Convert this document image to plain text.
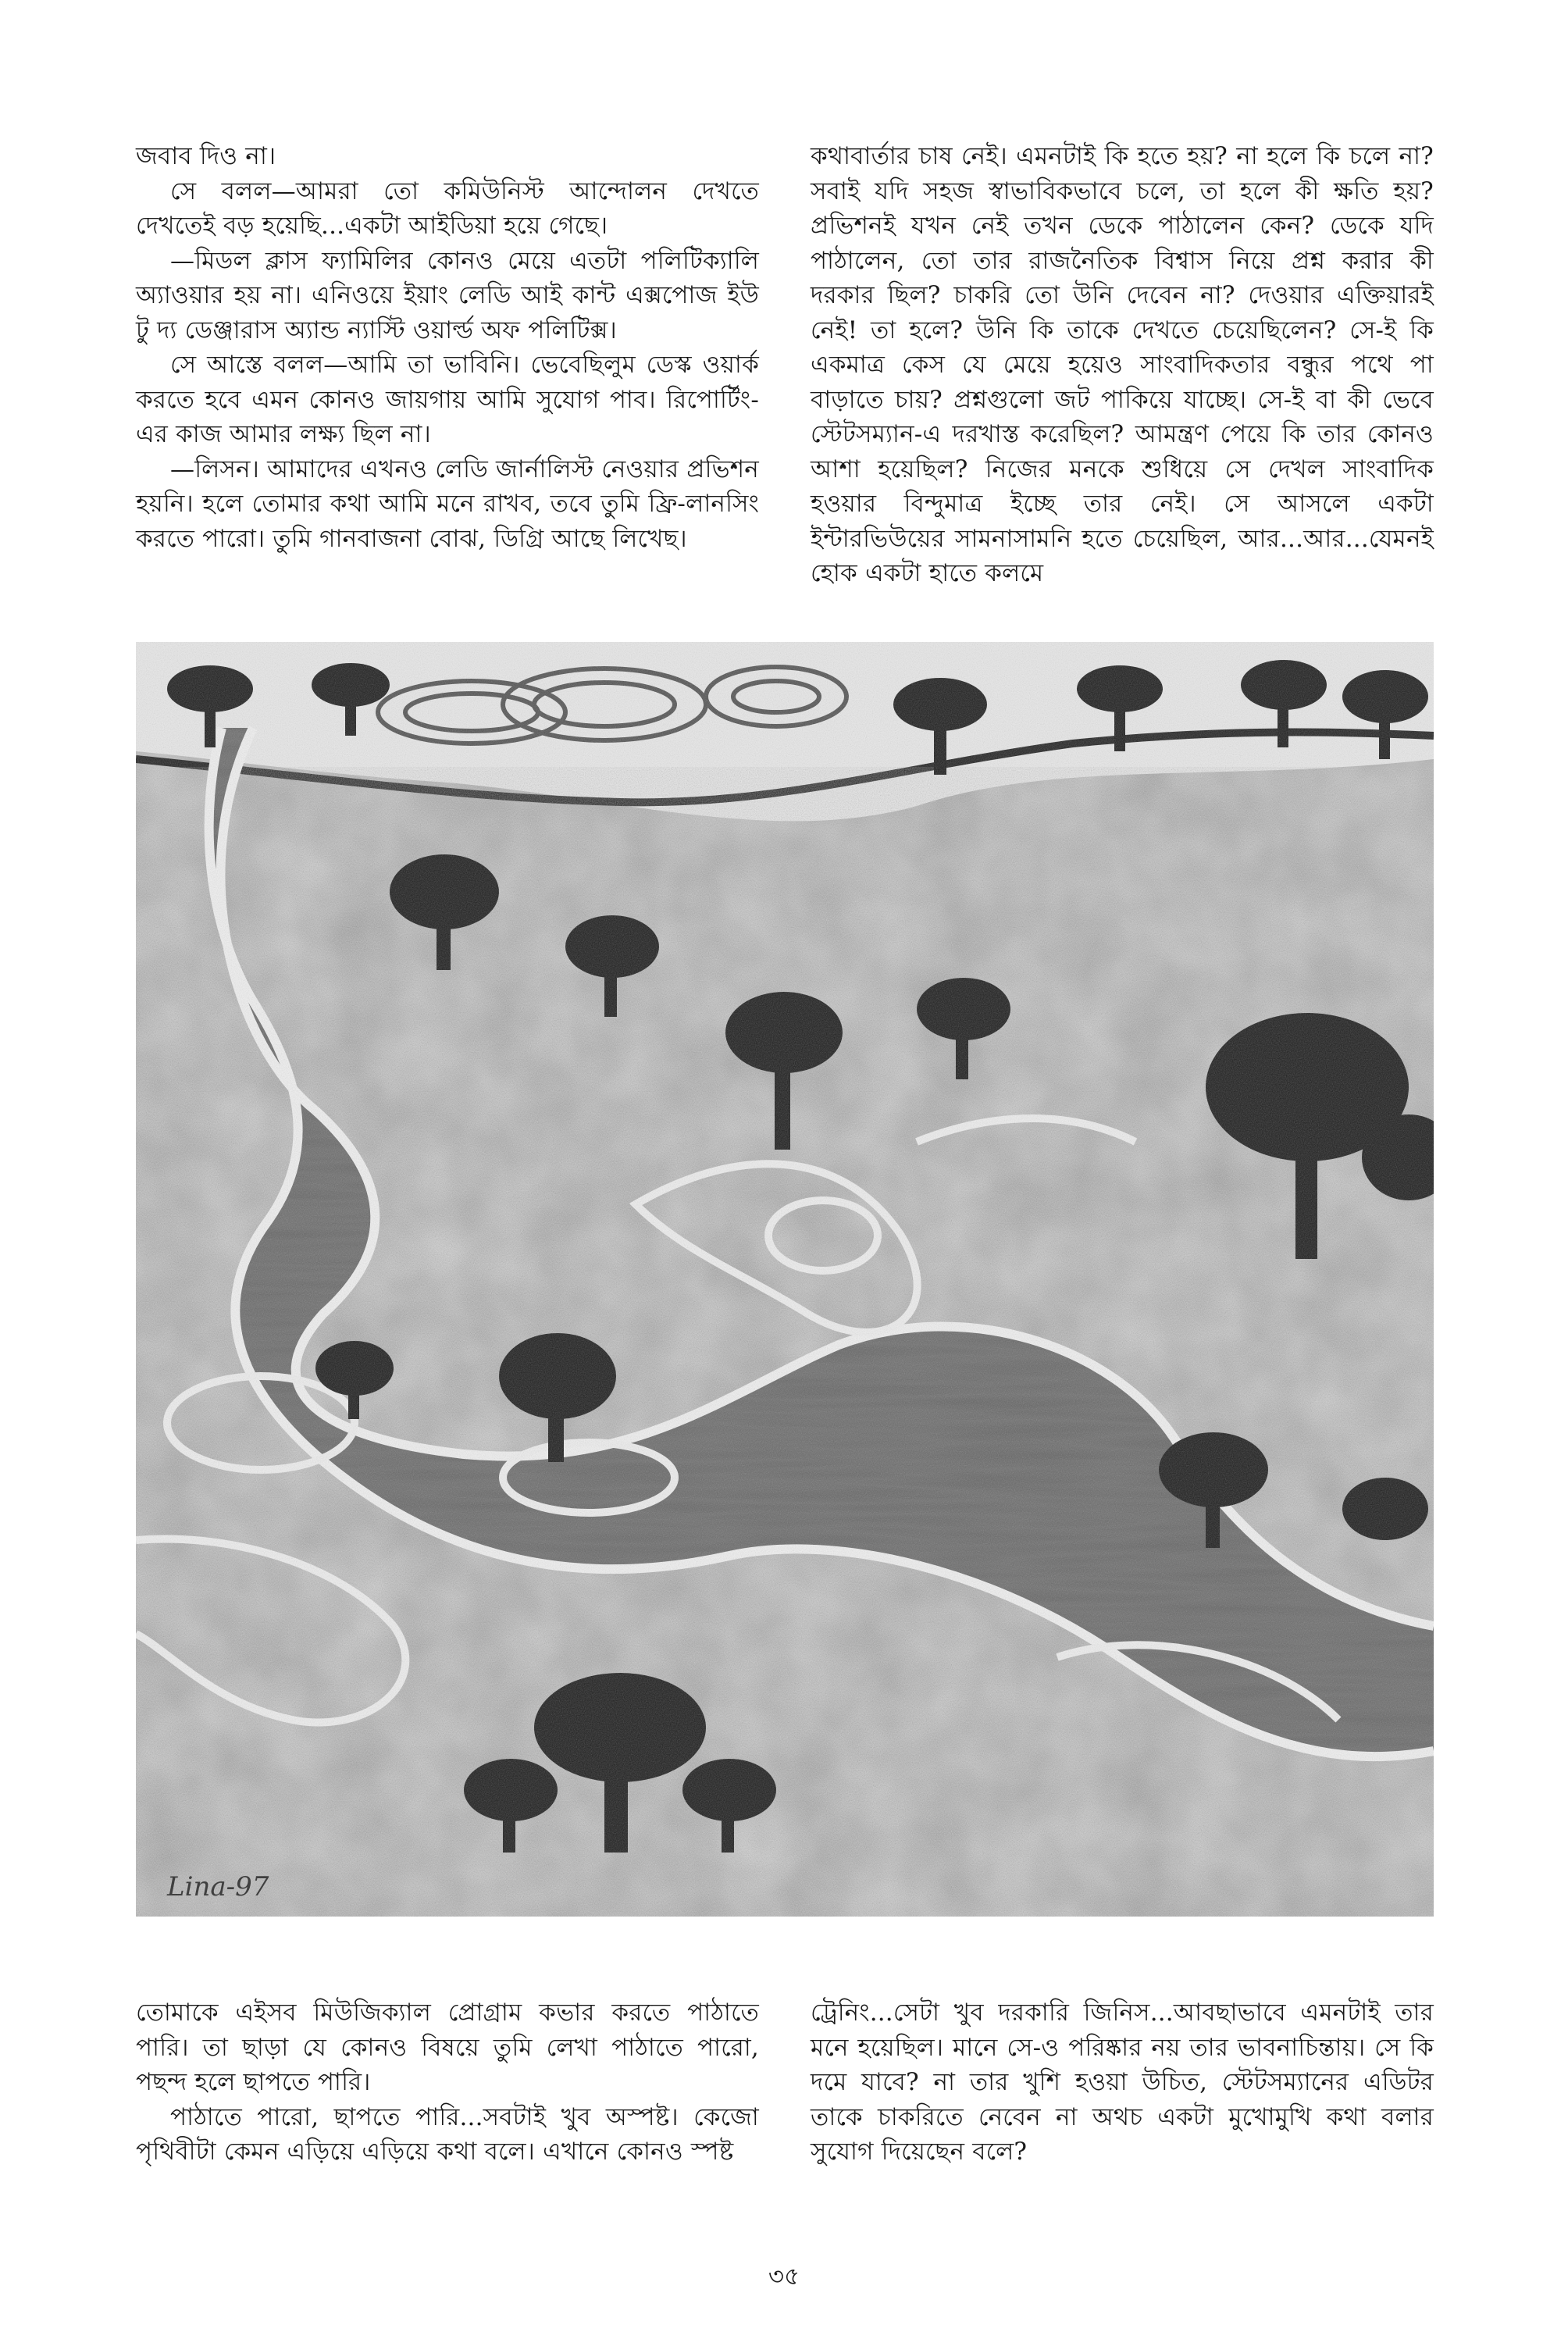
জবাব দিও না।

সে বলল—আমরা তো কমিউনিস্ট আন্দোলন দেখতে দেখতেই বড় হয়েছি...একটা আইডিয়া হয়ে গেছে।

—মিডল ক্লাস ফ্যামিলির কোনও মেয়ে এতটা পলিটিক্যালি অ্যাওয়ার হয় না। এনিওয়ে ইয়াং লেডি আই কান্ট এক্সপোজ ইউ টু দ্য ডেঞ্জারাস অ্যান্ড ন্যাস্টি ওয়ার্ল্ড অফ পলিটিক্স।

সে আস্তে বলল—আমি তা ভাবিনি। ভেবেছিলুম ডেস্ক ওয়ার্ক করতে হবে এমন কোনও জায়গায় আমি সুযোগ পাব। রিপোর্টিং-এর কাজ আমার লক্ষ্য ছিল না।

—লিসন। আমাদের এখনও লেডি জার্নালিস্ট নেওয়ার প্রভিশন হয়নি। হলে তোমার কথা আমি মনে রাখব, তবে তুমি ফ্রি-লানসিং করতে পারো। তুমি গানবাজনা বোঝ, ডিগ্রি আছে লিখেছ।

কথাবার্তার চাষ নেই। এমনটাই কি হতে হয়? না হলে কি চলে না? সবাই যদি সহজ স্বাভাবিকভাবে চলে, তা হলে কী ক্ষতি হয়? প্রভিশনই যখন নেই তখন ডেকে পাঠালেন কেন? ডেকে যদি পাঠালেন, তো তার রাজনৈতিক বিশ্বাস নিয়ে প্রশ্ন করার কী দরকার ছিল? চাকরি তো উনি দেবেন না? দেওয়ার এক্তিয়ারই নেই! তা হলে? উনি কি তাকে দেখতে চেয়েছিলেন? সে-ই কি একমাত্র কেস যে মেয়ে হয়েও সাংবাদিকতার বন্ধুর পথে পা বাড়াতে চায়? প্রশ্নগুলো জট পাকিয়ে যাচ্ছে। সে-ই বা কী ভেবে স্টেটসম্যান-এ দরখাস্ত করেছিল? আমন্ত্রণ পেয়ে কি তার কোনও আশা হয়েছিল? নিজের মনকে শুধিয়ে সে দেখল সাংবাদিক হওয়ার বিন্দুমাত্র ইচ্ছে তার নেই। সে আসলে একটা ইন্টারভিউয়ের সামনাসামনি হতে চেয়েছিল, আর...আর...যেমনই হোক একটা হাতে কলমে

Lina-97

তোমাকে এইসব মিউজিক্যাল প্রোগ্রাম কভার করতে পাঠাতে পারি। তা ছাড়া যে কোনও বিষয়ে তুমি লেখা পাঠাতে পারো, পছন্দ হলে ছাপতে পারি।

পাঠাতে পারো, ছাপতে পারি...সবটাই খুব অস্পষ্ট। কেজো পৃথিবীটা কেমন এড়িয়ে এড়িয়ে কথা বলে। এখানে কোনও স্পষ্ট

ট্রেনিং...সেটা খুব দরকারি জিনিস...আবছাভাবে এমনটাই তার মনে হয়েছিল। মানে সে-ও পরিষ্কার নয় তার ভাবনাচিন্তায়। সে কি দমে যাবে? না তার খুশি হওয়া উচিত, স্টেটসম্যানের এডিটর তাকে চাকরিতে নেবেন না অথচ একটা মুখোমুখি কথা বলার সুযোগ দিয়েছেন বলে?

৩৫
